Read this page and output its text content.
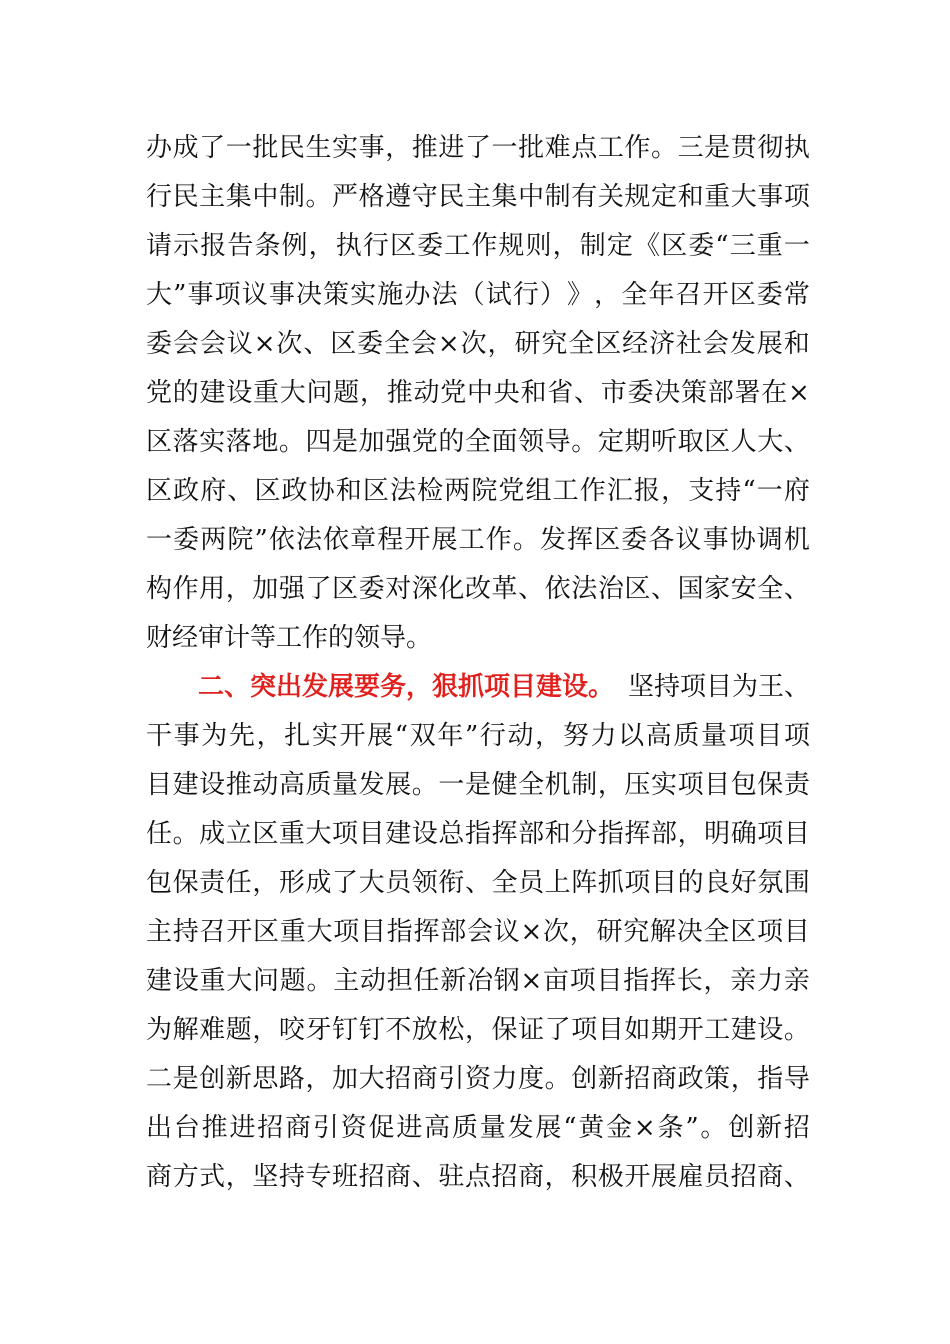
办 成 了 一 批 民 生 实 事 ， 推 进 了 一 批 难 点 工 作 。 三 是 贯 彻 执
行 民 主 集 中 制 。 严 格 遵 守 民 主 集 中 制 有 关 规 定 和 重 大 事 项
请 示 报 告 条 例 ， 执 行 区 委 工 作 规 则 ， 制 定 《 区 委 “ 三 重 一
大 ” 事 项 议 事 决 策 实 施 办 法 （ 试 行 ） 》 ， 全 年 召 开 区 委 常
委 会 会 议 × 次 、 区 委 全 会 × 次 ， 研 究 全 区 经 济 社 会 发 展 和
党 的 建 设 重 大 问 题 ， 推 动 党 中 央 和 省 、 市 委 决 策 部 署 在 ×
区 落 实 落 地 。 四 是 加 强 党 的 全 面 领 导 。 定 期 听 取 区 人 大 、
区 政 府 、 区 政 协 和 区 法 检 两 院 党 组 工 作 汇 报 ， 支 持 “ 一 府
一 委 两 院 ” 依 法 依 章 程 开 展 工 作 。 发 挥 区 委 各 议 事 协 调 机
构 作 用 ， 加 强 了 区 委 对 深 化 改 革 、 依 法 治 区 、 国 家 安 全 、
财经审计等工作的领导。
二、突出发展要务，狠抓项目建设。 坚持项目为王、
干 事 为 先 ， 扎 实 开 展 “ 双 年 ” 行 动 ， 努 力 以 高 质 量 项 目 项
目 建 设 推 动 高 质 量 发 展 。 一 是 健 全 机 制 ， 压 实 项 目 包 保 责
任 。 成 立 区 重 大 项 目 建 设 总 指 挥 部 和 分 指 挥 部 ， 明 确 项 目
包 保 责 任 ， 形 成 了 大 员 领 衔 、 全 员 上 阵 抓 项 目 的 良 好 氛 围
主 持 召 开 区 重 大 项 目 指 挥 部 会 议 × 次 ， 研 究 解 决 全 区 项 目
建 设 重 大 问 题 。 主 动 担 任 新 冶 钢 × 亩 项 目 指 挥 长 ， 亲 力 亲
为 解 难 题 ， 咬 牙 钉 钉 不 放 松 ， 保 证 了 项 目 如 期 开 工 建 设 。
二 是 创 新 思 路 ， 加 大 招 商 引 资 力 度 。 创 新 招 商 政 策 ， 指 导
出 台 推 进 招 商 引 资 促 进 高 质 量 发 展 “ 黄 金 × 条 ” 。 创 新 招
商 方 式 ， 坚 持 专 班 招 商 、 驻 点 招 商 ， 积 极 开 展 雇 员 招 商 、
